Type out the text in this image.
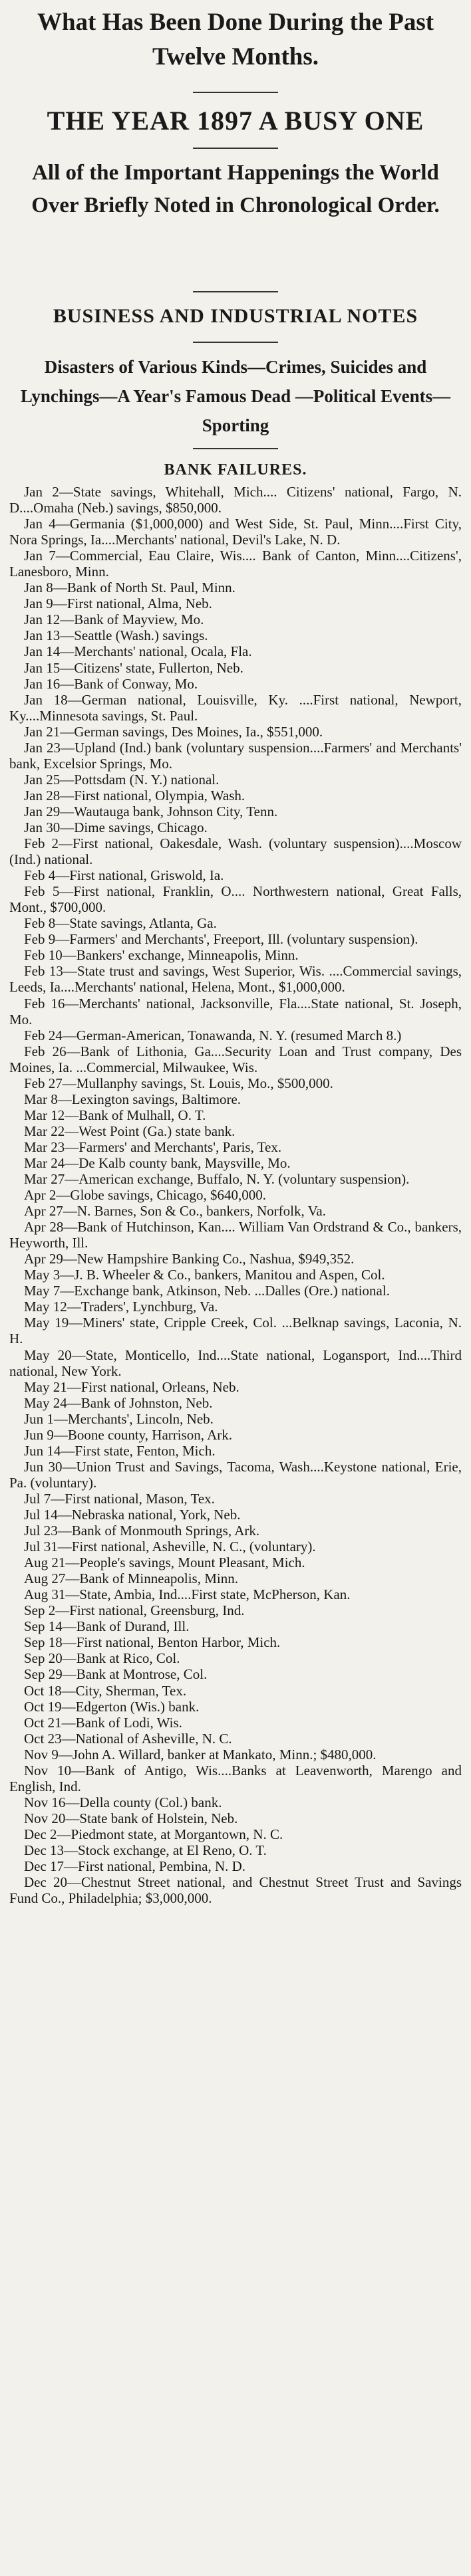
What Has Been Done During the Past Twelve Months.
THE YEAR 1897 A BUSY ONE
All of the Important Happenings the World Over Briefly Noted in Chronological Order.
BUSINESS AND INDUSTRIAL NOTES
Disasters of Various Kinds—Crimes, Suicides and Lynchings—A Year's Famous Dead —Political Events—Sporting
BANK FAILURES.

Jan 2—State savings, Whitehall, Mich.... Citizens' national, Fargo, N. D....Omaha (Neb.) savings, $850,000.

Jan 4—Germania ($1,000,000) and West Side, St. Paul, Minn....First City, Nora Springs, Ia....Merchants' national, Devil's Lake, N. D.

Jan 7—Commercial, Eau Claire, Wis.... Bank of Canton, Minn....Citizens', Lanesboro, Minn.

Jan 8—Bank of North St. Paul, Minn.

Jan 9—First national, Alma, Neb.

Jan 12—Bank of Mayview, Mo.

Jan 13—Seattle (Wash.) savings.

Jan 14—Merchants' national, Ocala, Fla.

Jan 15—Citizens' state, Fullerton, Neb.

Jan 16—Bank of Conway, Mo.

Jan 18—German national, Louisville, Ky. ....First national, Newport, Ky....Minnesota savings, St. Paul.

Jan 21—German savings, Des Moines, Ia., $551,000.

Jan 23—Upland (Ind.) bank (voluntary suspension....Farmers' and Merchants' bank, Excelsior Springs, Mo.

Jan 25—Pottsdam (N. Y.) national.

Jan 28—First national, Olympia, Wash.

Jan 29—Wautauga bank, Johnson City, Tenn.

Jan 30—Dime savings, Chicago.

Feb 2—First national, Oakesdale, Wash. (voluntary suspension)....Moscow (Ind.) national.

Feb 4—First national, Griswold, Ia.

Feb 5—First national, Franklin, O.... Northwestern national, Great Falls, Mont., $700,000.

Feb 8—State savings, Atlanta, Ga.

Feb 9—Farmers' and Merchants', Freeport, Ill. (voluntary suspension).

Feb 10—Bankers' exchange, Minneapolis, Minn.

Feb 13—State trust and savings, West Superior, Wis. ....Commercial savings, Leeds, Ia....Merchants' national, Helena, Mont., $1,000,000.

Feb 16—Merchants' national, Jacksonville, Fla....State national, St. Joseph, Mo.

Feb 24—German-American, Tonawanda, N. Y. (resumed March 8.)

Feb 26—Bank of Lithonia, Ga....Security Loan and Trust company, Des Moines, Ia. ...Commercial, Milwaukee, Wis.

Feb 27—Mullanphy savings, St. Louis, Mo., $500,000.

Mar 8—Lexington savings, Baltimore.

Mar 12—Bank of Mulhall, O. T.

Mar 22—West Point (Ga.) state bank.

Mar 23—Farmers' and Merchants', Paris, Tex.

Mar 24—De Kalb county bank, Maysville, Mo.

Mar 27—American exchange, Buffalo, N. Y. (voluntary suspension).

Apr 2—Globe savings, Chicago, $640,000.

Apr 27—N. Barnes, Son & Co., bankers, Norfolk, Va.

Apr 28—Bank of Hutchinson, Kan.... William Van Ordstrand & Co., bankers, Heyworth, Ill.

Apr 29—New Hampshire Banking Co., Nashua, $949,352.

May 3—J. B. Wheeler & Co., bankers, Manitou and Aspen, Col.

May 7—Exchange bank, Atkinson, Neb. ...Dalles (Ore.) national.

May 12—Traders', Lynchburg, Va.

May 19—Miners' state, Cripple Creek, Col. ...Belknap savings, Laconia, N. H.

May 20—State, Monticello, Ind....State national, Logansport, Ind....Third national, New York.

May 21—First national, Orleans, Neb.

May 24—Bank of Johnston, Neb.

Jun 1—Merchants', Lincoln, Neb.

Jun 9—Boone county, Harrison, Ark.

Jun 14—First state, Fenton, Mich.

Jun 30—Union Trust and Savings, Tacoma, Wash....Keystone national, Erie, Pa. (voluntary).

Jul 7—First national, Mason, Tex.

Jul 14—Nebraska national, York, Neb.

Jul 23—Bank of Monmouth Springs, Ark.

Jul 31—First national, Asheville, N. C., (voluntary).

Aug 21—People's savings, Mount Pleasant, Mich.

Aug 27—Bank of Minneapolis, Minn.

Aug 31—State, Ambia, Ind....First state, McPherson, Kan.

Sep 2—First national, Greensburg, Ind.

Sep 14—Bank of Durand, Ill.

Sep 18—First national, Benton Harbor, Mich.

Sep 20—Bank at Rico, Col.

Sep 29—Bank at Montrose, Col.

Oct 18—City, Sherman, Tex.

Oct 19—Edgerton (Wis.) bank.

Oct 21—Bank of Lodi, Wis.

Oct 23—National of Asheville, N. C.

Nov 9—John A. Willard, banker at Mankato, Minn.; $480,000.

Nov 10—Bank of Antigo, Wis....Banks at Leavenworth, Marengo and English, Ind.

Nov 16—Della county (Col.) bank.

Nov 20—State bank of Holstein, Neb.

Dec 2—Piedmont state, at Morgantown, N. C.

Dec 13—Stock exchange, at El Reno, O. T.

Dec 17—First national, Pembina, N. D.

Dec 20—Chestnut Street national, and Chestnut Street Trust and Savings Fund Co., Philadelphia; $3,000,000.
